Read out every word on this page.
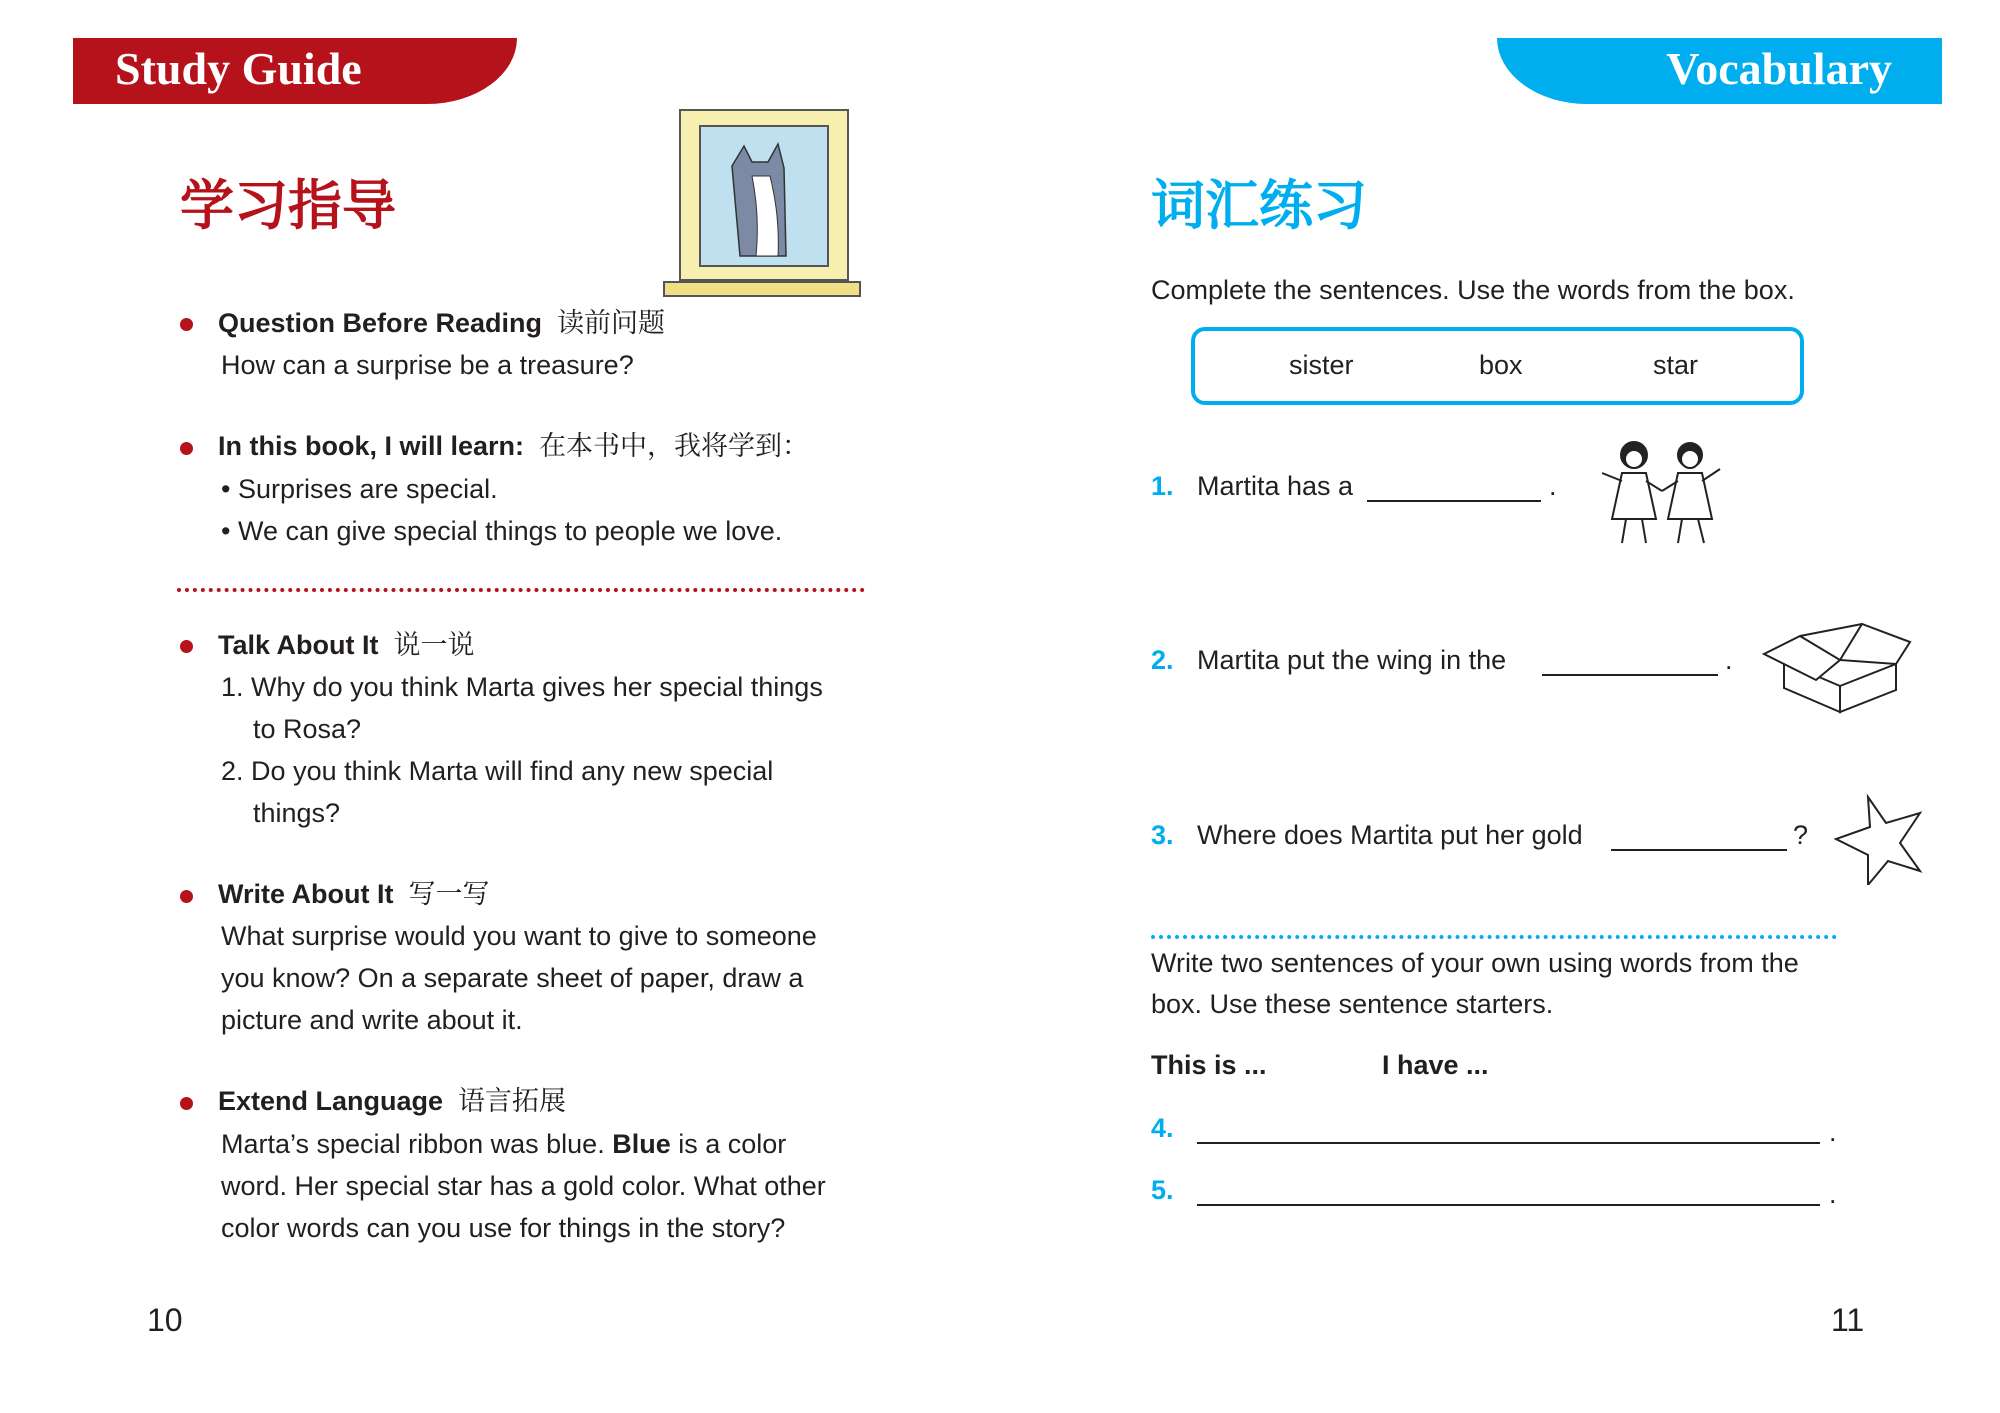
Study Guide
学习指导
Question Before Reading 读前问题
How can a surprise be a treasure?
In this book, I will learn: 在本书中，我将学到：
• Surprises are special.
• We can give special things to people we love.
Talk About It 说一说
1. Why do you think Marta gives her special things
to Rosa?
2. Do you think Marta will find any new special
things?
Write About It 写一写
What surprise would you want to give to someone
you know? On a separate sheet of paper, draw a
picture and write about it.
Extend Language 语言拓展
Marta’s special ribbon was blue. Blue is a color
word. Her special star has a gold color. What other
color words can you use for things in the story?
10
Vocabulary
词汇练习
Complete the sentences. Use the words from the box.
sister	box	star
1. Martita has a	.
2. Martita put the wing in the	.
3. Where does Martita put her gold	?
Write two sentences of your own using words from the
box. Use these sentence starters.
This is ...	I have ...
4.	.
5.	.
11
